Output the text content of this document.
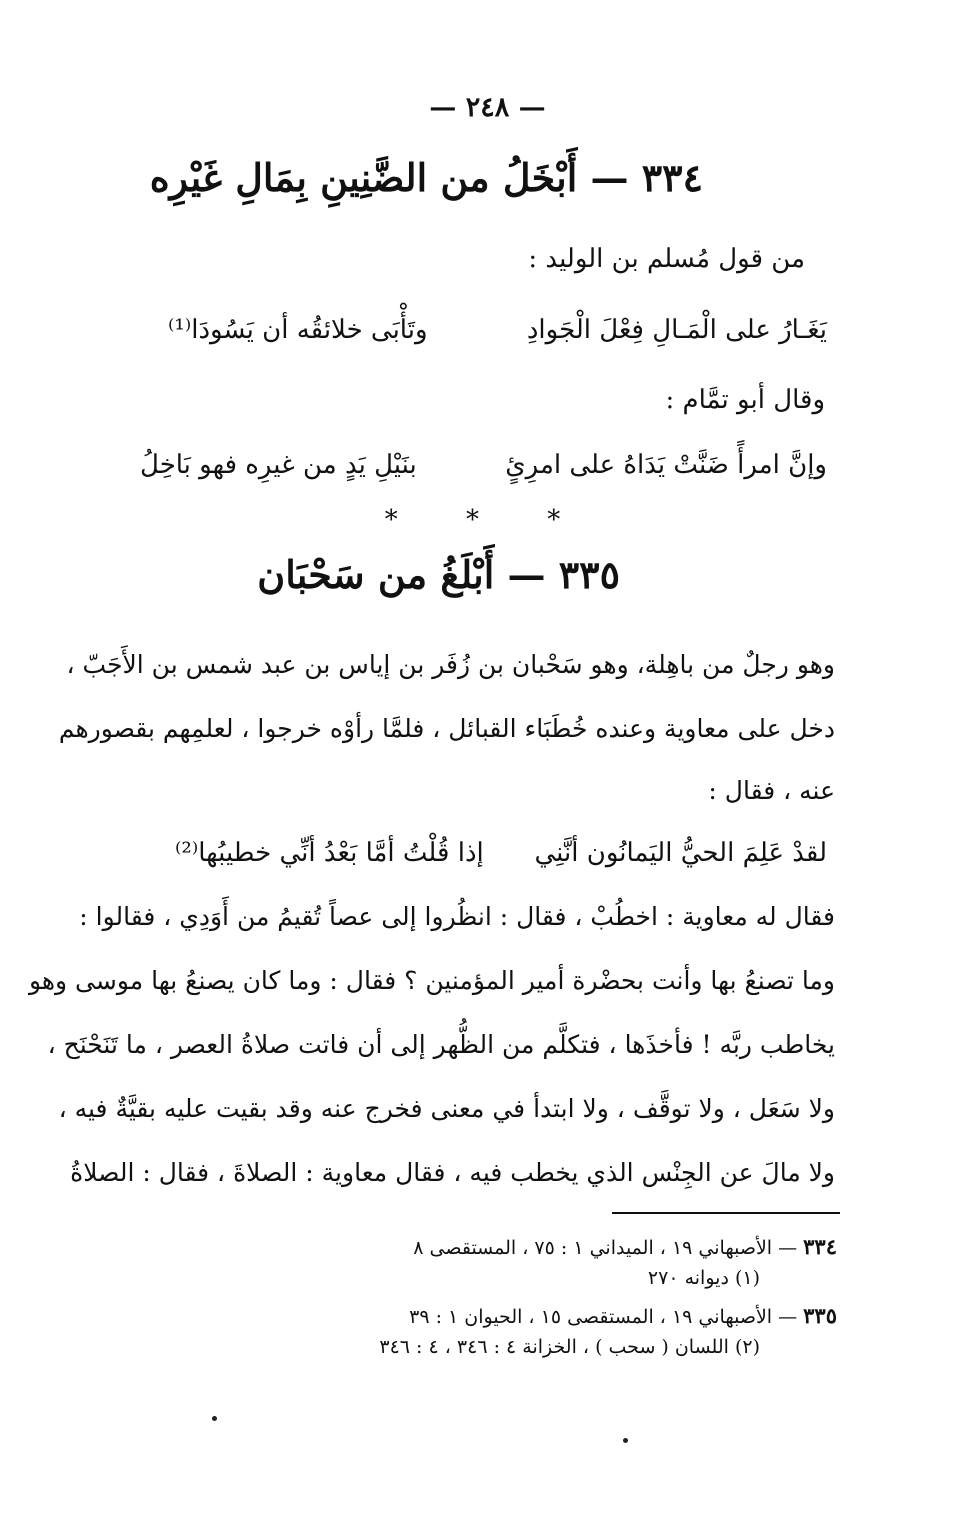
— ٢٤٨ —
٣٣٤ — أَبْخَلُ من الضَّنِينِ بِمَالِ غَيْرِه
من قول مُسلم بن الوليد :
يَغَـارُ على الْمَـالِ فِعْلَ الْجَوادِ
وتَأْبَى خلائقُه أن يَسُودَا⁽¹⁾
وقال أبو تمَّام :
وإنَّ امرأً ضَنَّتْ يَدَاهُ على امرِئٍ
بنَيْلِ يَدٍ من غيرِه فهو بَاخِلُ
* * *
٣٣٥ — أَبْلَغُ من سَحْبَان
وهو رجلٌ من باهِلة، وهو سَحْبان بن زُفَر بن إياس بن عبد شمس بن الأَجَبّ ،
دخل على معاوية وعنده خُطَبَاء القبائل ، فلمَّا رأوْه خرجوا ، لعلمِهم بقصورهم
عنه ، فقال :
لقدْ عَلِمَ الحيُّ اليَمانُون أنَّنِي
إذا قُلْتُ أمَّا بَعْدُ أنِّي خطيبُها⁽²⁾
فقال له معاوية : اخطُبْ ، فقال : انظُروا إلى عصاً تُقيمُ من أَوَدِي ، فقالوا :
وما تصنعُ بها وأنت بحضْرة أمير المؤمنين ؟ فقال : وما كان يصنعُ بها موسى وهو
يخاطب ربَّه ! فأخذَها ، فتكلَّم من الظُّهر إلى أن فاتت صلاةُ العصر ، ما تَنَحْنَح ،
ولا سَعَل ، ولا توقَّف ، ولا ابتدأ في معنى فخرج عنه وقد بقيت عليه بقيَّةٌ فيه ،
ولا مالَ عن الجِنْس الذي يخطب فيه ، فقال معاوية : الصلاةَ ، فقال : الصلاةُ
٣٣٤ — الأصبهاني ١٩ ، الميداني ١ : ٧٥ ، المستقصى ٨
(١) ديوانه ٢٧٠
٣٣٥ — الأصبهاني ١٩ ، المستقصى ١٥ ، الحيوان ١ : ٣٩
(٢) اللسان ( سحب ) ، الخزانة ٤ : ٣٤٦ ، ٤ : ٣٤٦
